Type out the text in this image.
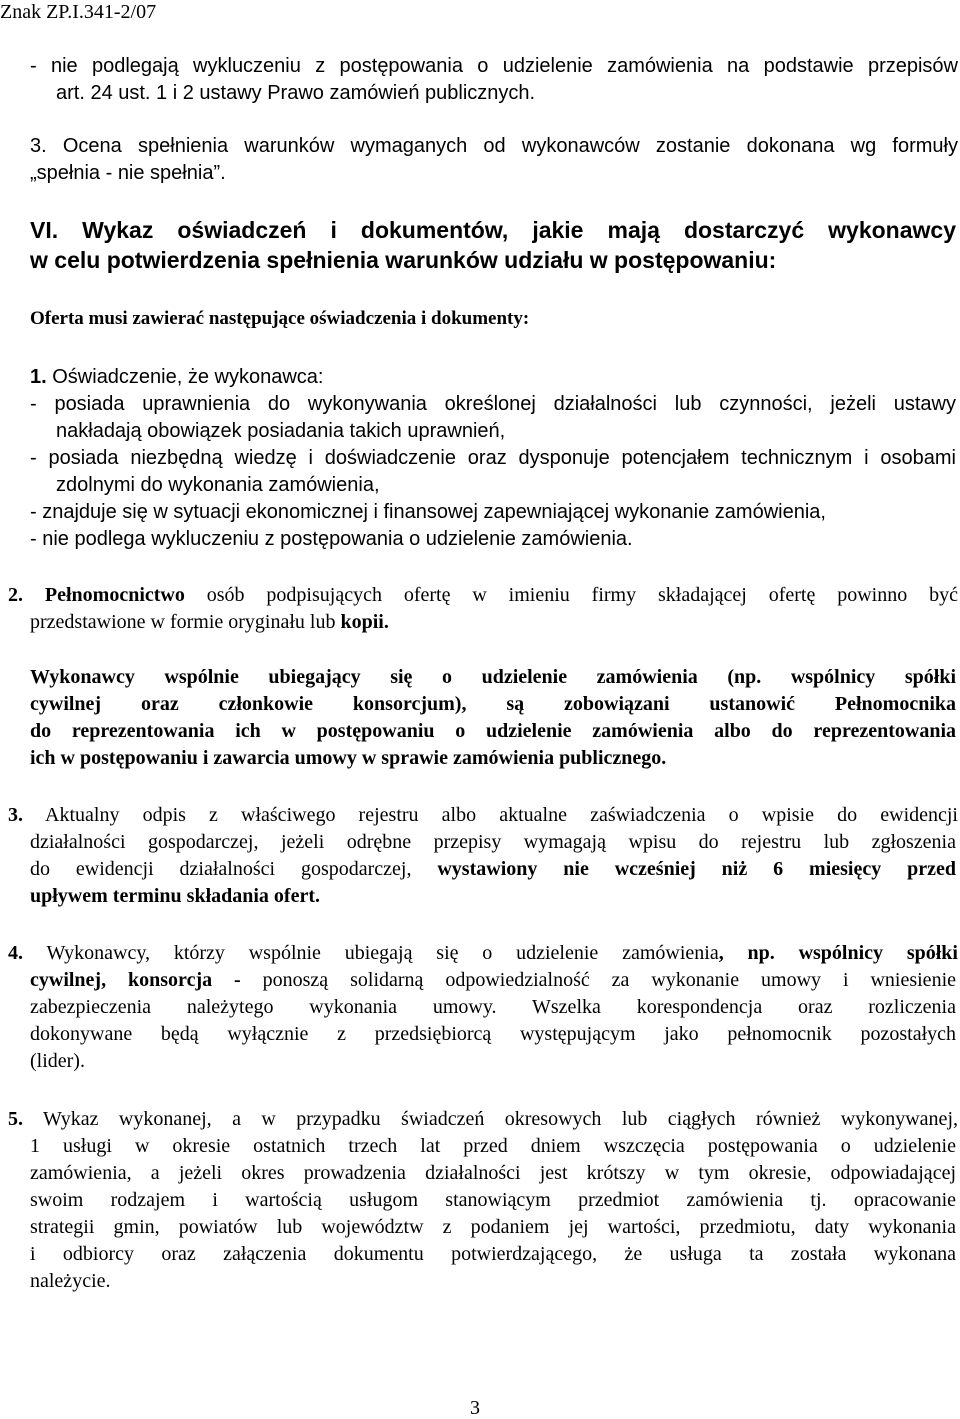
Znak ZP.I.341-2/07
- nie podlegają wykluczeniu z postępowania o udzielenie zamówienia na podstawie przepisów
art. 24 ust. 1 i 2 ustawy Prawo zamówień publicznych.
3. Ocena spełnienia warunków wymaganych od wykonawców zostanie dokonana wg formuły
„spełnia - nie spełnia”.
VI. Wykaz oświadczeń i dokumentów, jakie mają dostarczyć wykonawcy
w celu potwierdzenia spełnienia warunków udziału w postępowaniu:
Oferta musi zawierać następujące oświadczenia i dokumenty:
1. Oświadczenie, że wykonawca:
- posiada uprawnienia do wykonywania określonej działalności lub czynności, jeżeli ustawy
nakładają obowiązek posiadania takich uprawnień,
- posiada niezbędną wiedzę i doświadczenie oraz dysponuje potencjałem technicznym i osobami
zdolnymi do wykonania zamówienia,
- znajduje się w sytuacji ekonomicznej i finansowej zapewniającej wykonanie zamówienia,
- nie podlega wykluczeniu z postępowania o udzielenie zamówienia.
2. Pełnomocnictwo osób podpisujących ofertę w imieniu firmy składającej ofertę powinno być
przedstawione w formie oryginału lub kopii.
Wykonawcy wspólnie ubiegający się o udzielenie zamówienia (np. wspólnicy spółki
cywilnej oraz członkowie konsorcjum), są zobowiązani ustanowić Pełnomocnika
do reprezentowania ich w postępowaniu o udzielenie zamówienia albo do reprezentowania
ich w postępowaniu i zawarcia umowy w sprawie zamówienia publicznego.
3. Aktualny odpis z właściwego rejestru albo aktualne zaświadczenia o wpisie do ewidencji
działalności gospodarczej, jeżeli odrębne przepisy wymagają wpisu do rejestru lub zgłoszenia
do ewidencji działalności gospodarczej, wystawiony nie wcześniej niż 6 miesięcy przed
upływem terminu składania ofert.
4. Wykonawcy, którzy wspólnie ubiegają się o udzielenie zamówienia, np. wspólnicy spółki
cywilnej, konsorcja - ponoszą solidarną odpowiedzialność za wykonanie umowy i wniesienie
zabezpieczenia należytego wykonania umowy. Wszelka korespondencja oraz rozliczenia
dokonywane będą wyłącznie z przedsiębiorcą występującym jako pełnomocnik pozostałych
(lider).
5. Wykaz wykonanej, a w przypadku świadczeń okresowych lub ciągłych również wykonywanej,
1 usługi w okresie ostatnich trzech lat przed dniem wszczęcia postępowania o udzielenie
zamówienia, a jeżeli okres prowadzenia działalności jest krótszy w tym okresie, odpowiadającej
swoim rodzajem i wartością usługom stanowiącym przedmiot zamówienia tj. opracowanie
strategii gmin, powiatów lub województw z podaniem jej wartości, przedmiotu, daty wykonania
i odbiorcy oraz załączenia dokumentu potwierdzającego, że usługa ta została wykonana
należycie.
3
